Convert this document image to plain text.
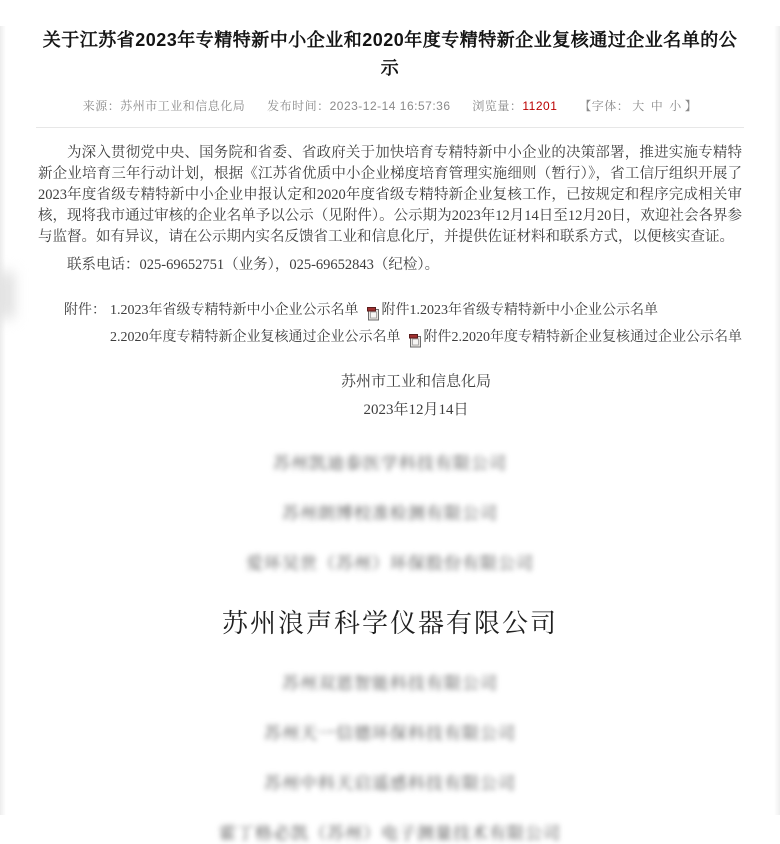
关于江苏省2023年专精特新中小企业和2020年度专精特新企业复核通过企业名单的公示
来源：苏州市工业和信息化局 发布时间：2023-12-14 16:57:36 浏览量：11201 【字体： 大 中 小 】

为深入贯彻党中央、国务院和省委、省政府关于加快培育专精特新中小企业的决策部署，推进实施专精特新企业培育三年行动计划，根据《江苏省优质中小企业梯度培育管理实施细则（暂行）》，省工信厅组织开展了2023年度省级专精特新中小企业申报认定和2020年度省级专精特新企业复核工作，已按规定和程序完成相关审核，现将我市通过审核的企业名单予以公示（见附件）。公示期为2023年12月14日至12月20日，欢迎社会各界参与监督。如有异议，请在公示期内实名反馈省工业和信息化厅，并提供佐证材料和联系方式，以便核实查证。

联系电话：025-69652751（业务），025-69652843（纪检）。

附件： 1.2023年省级专精特新中小企业公示名单 附件1.2023年省级专精特新中小企业公示名单
2.2020年度专精特新企业复核通过企业公示名单 附件2.2020年度专精特新企业复核通过企业公示名单
苏州市工业和信息化局
2023年12月14日
苏州凯迪泰医学科技有限公司
苏州朗博校准检测有限公司
爱环吴世（苏州）环保股份有限公司
苏州浪声科学仪器有限公司
苏州双恩智能科技有限公司
苏州天一信德环保科技有限公司
苏州中科天启遥感科技有限公司
霍丁格必凯（苏州）电子测量技术有限公司
